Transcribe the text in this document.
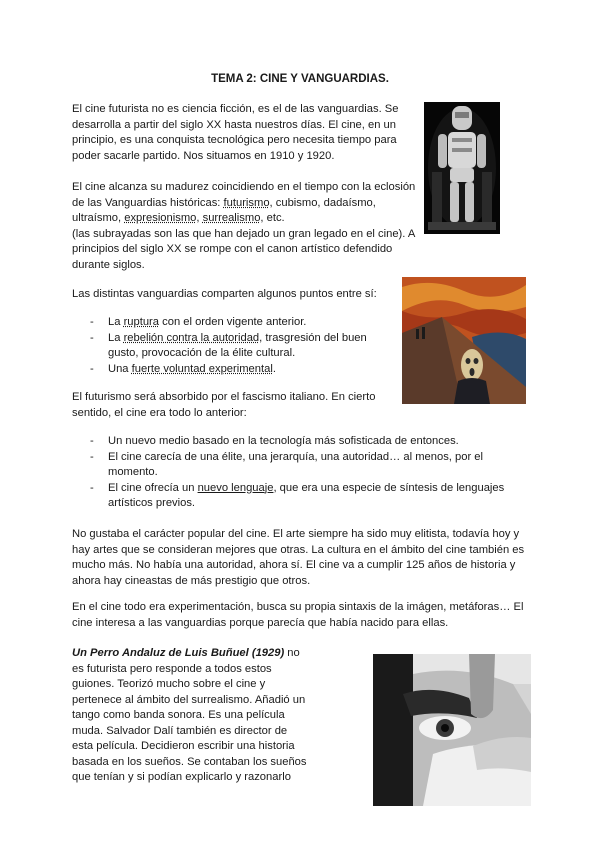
TEMA 2: CINE Y VANGUARDIAS.

El cine futurista no es ciencia ficción, es el de las vanguardias. Se desarrolla a partir del siglo XX hasta nuestros días. El cine, en un principio, es una conquista tecnológica pero necesita tiempo para poder sacarle partido. Nos situamos en 1910 y 1920.

El cine alcanza su madurez coincidiendo en el tiempo con la eclosión de las Vanguardias históricas: futurismo, cubismo, dadaísmo, ultraísmo, expresionismo, surrealismo, etc.
(las subrayadas son las que han dejado un gran legado en el cine). A principios del siglo XX se rompe con el canon artístico defendido durante siglos.

Las distintas vanguardias comparten algunos puntos entre sí:

- La ruptura con el orden vigente anterior.
- La rebelión contra la autoridad, trasgresión del buen gusto, provocación de la élite cultural.
- Una fuerte voluntad experimental.

El futurismo será absorbido por el fascismo italiano. En cierto sentido, el cine era todo lo anterior:

- Un nuevo medio basado en la tecnología más sofisticada de entonces.
- El cine carecía de una élite, una jerarquía, una autoridad… al menos, por el momento.
- El cine ofrecía un nuevo lenguaje, que era una especie de síntesis de lenguajes artísticos previos.

No gustaba el carácter popular del cine. El arte siempre ha sido muy elitista, todavía hoy y hay artes que se consideran mejores que otras. La cultura en el ámbito del cine también es mucho más. No había una autoridad, ahora sí. El cine va a cumplir 125 años de historia y ahora hay cineastas de más prestigio que otros.

En el cine todo era experimentación, busca su propia sintaxis de la imágen, metáforas… El cine interesa a las vanguardias porque parecía que había nacido para ellas.

Un Perro Andaluz de Luis Buñuel (1929) no es futurista pero responde a todos estos guiones. Teorizó mucho sobre el cine y pertenece al ámbito del surrealismo. Añadió un tango como banda sonora. Es una película muda. Salvador Dalí también es director de esta película. Decidieron escribir una historia basada en los sueños. Se contaban los sueños que tenían y si podían explicarlo y razonarlo
